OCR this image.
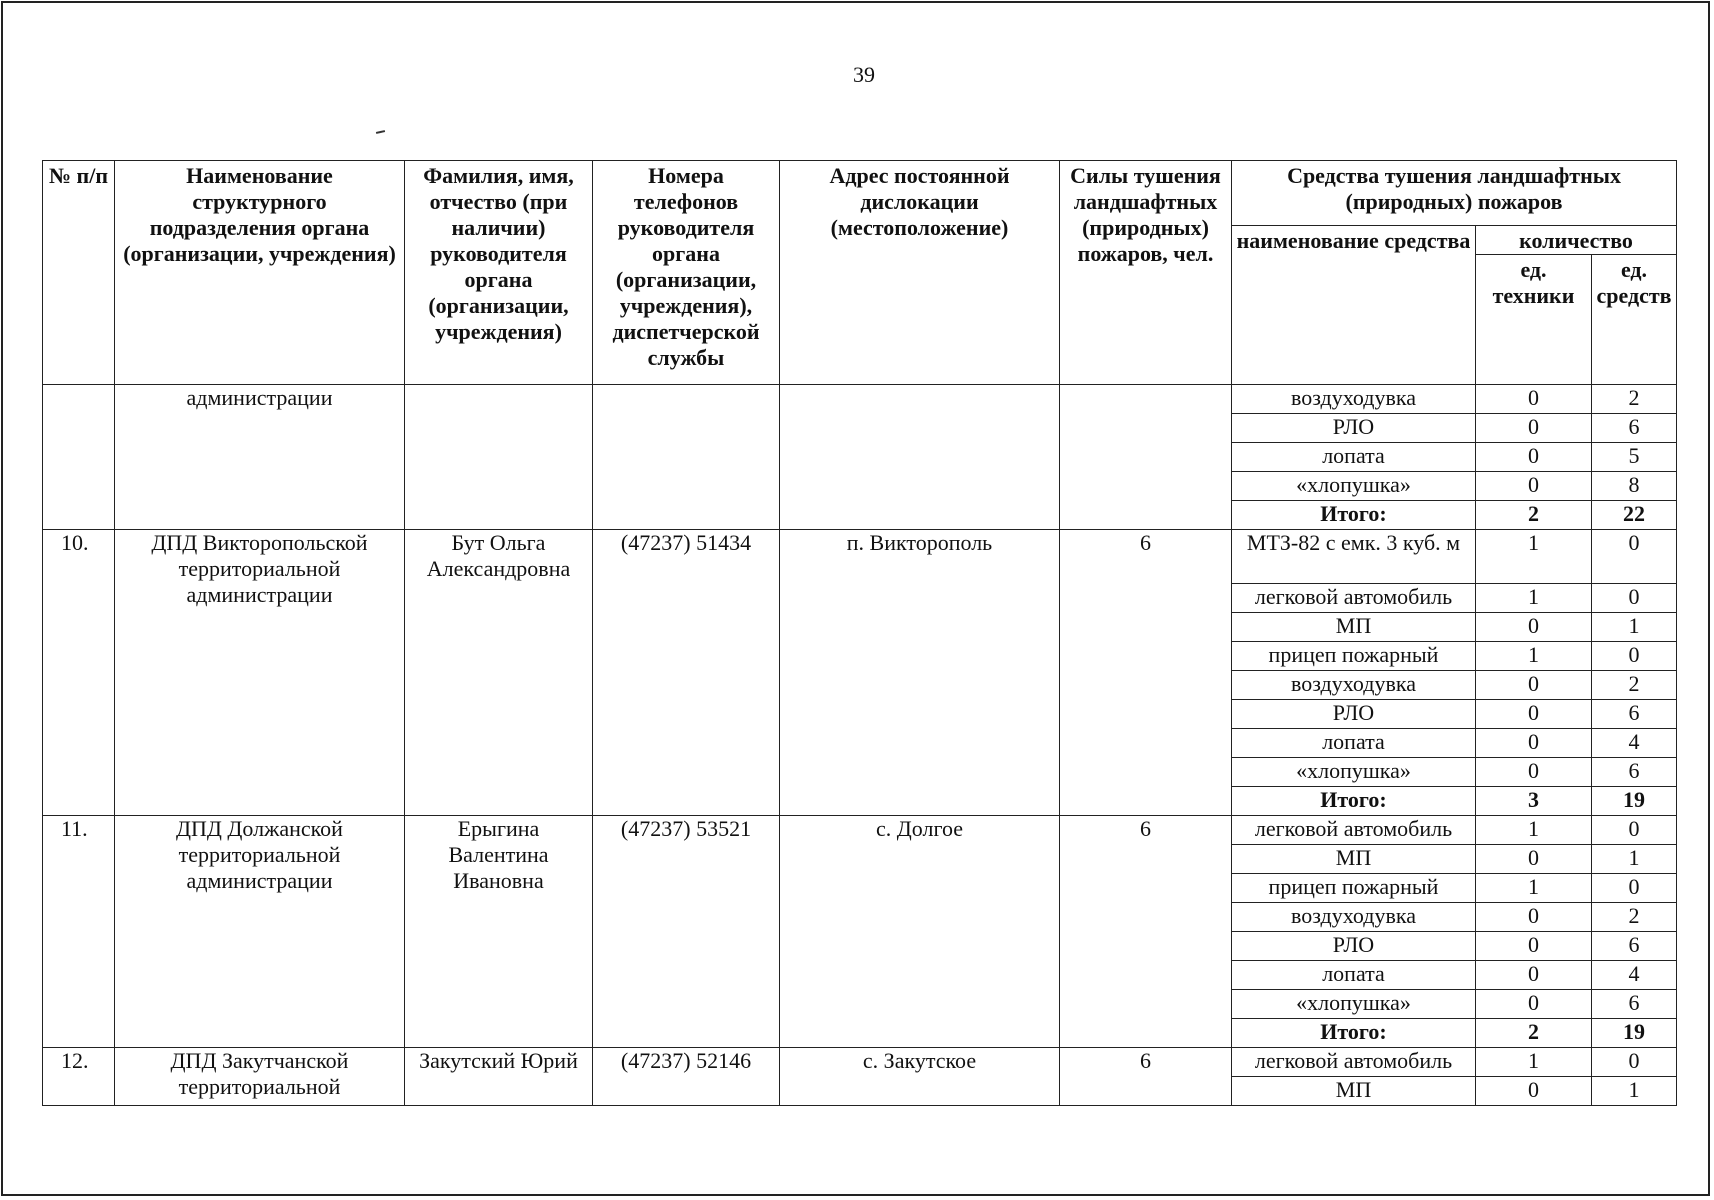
39
№ п/п	Наименование структурного подразделения органа (организации, учреждения)	Фамилия, имя, отчество (при наличии) руководителя органа (организации, учреждения)	Номера телефонов руководителя органа (организации, учреждения), диспетчерской службы	Адрес постоянной дислокации (местоположение)	Силы тушения ландшафтных (природных) пожаров, чел.	Средства тушения ландшафтных (природных) пожаров		
						наименование средства	количество	
							ед. техники	ед. средств
	администрации					воздуходувка	0	2
						РЛО	0	6
						лопата	0	5
						«хлопушка»	0	8
						Итого:	2	22
10.	ДПД Викторопольской территориальной администрации	Бут Ольга Александровна	(47237) 51434	п. Викторополь	6	МТЗ-82 с емк. 3 куб. м	1	0
						легковой автомобиль	1	0
						МП	0	1
						прицеп пожарный	1	0
						воздуходувка	0	2
						РЛО	0	6
						лопата	0	4
						«хлопушка»	0	6
						Итого:	3	19
11.	ДПД Должанской территориальной администрации	Ерыгина Валентина Ивановна	(47237) 53521	с. Долгое	6	легковой автомобиль	1	0
						МП	0	1
						прицеп пожарный	1	0
						воздуходувка	0	2
						РЛО	0	6
						лопата	0	4
						«хлопушка»	0	6
						Итого:	2	19
12.	ДПД Закутчанской территориальной	Закутский Юрий	(47237) 52146	с. Закутское	6	легковой автомобиль	1	0
						МП	0	1
